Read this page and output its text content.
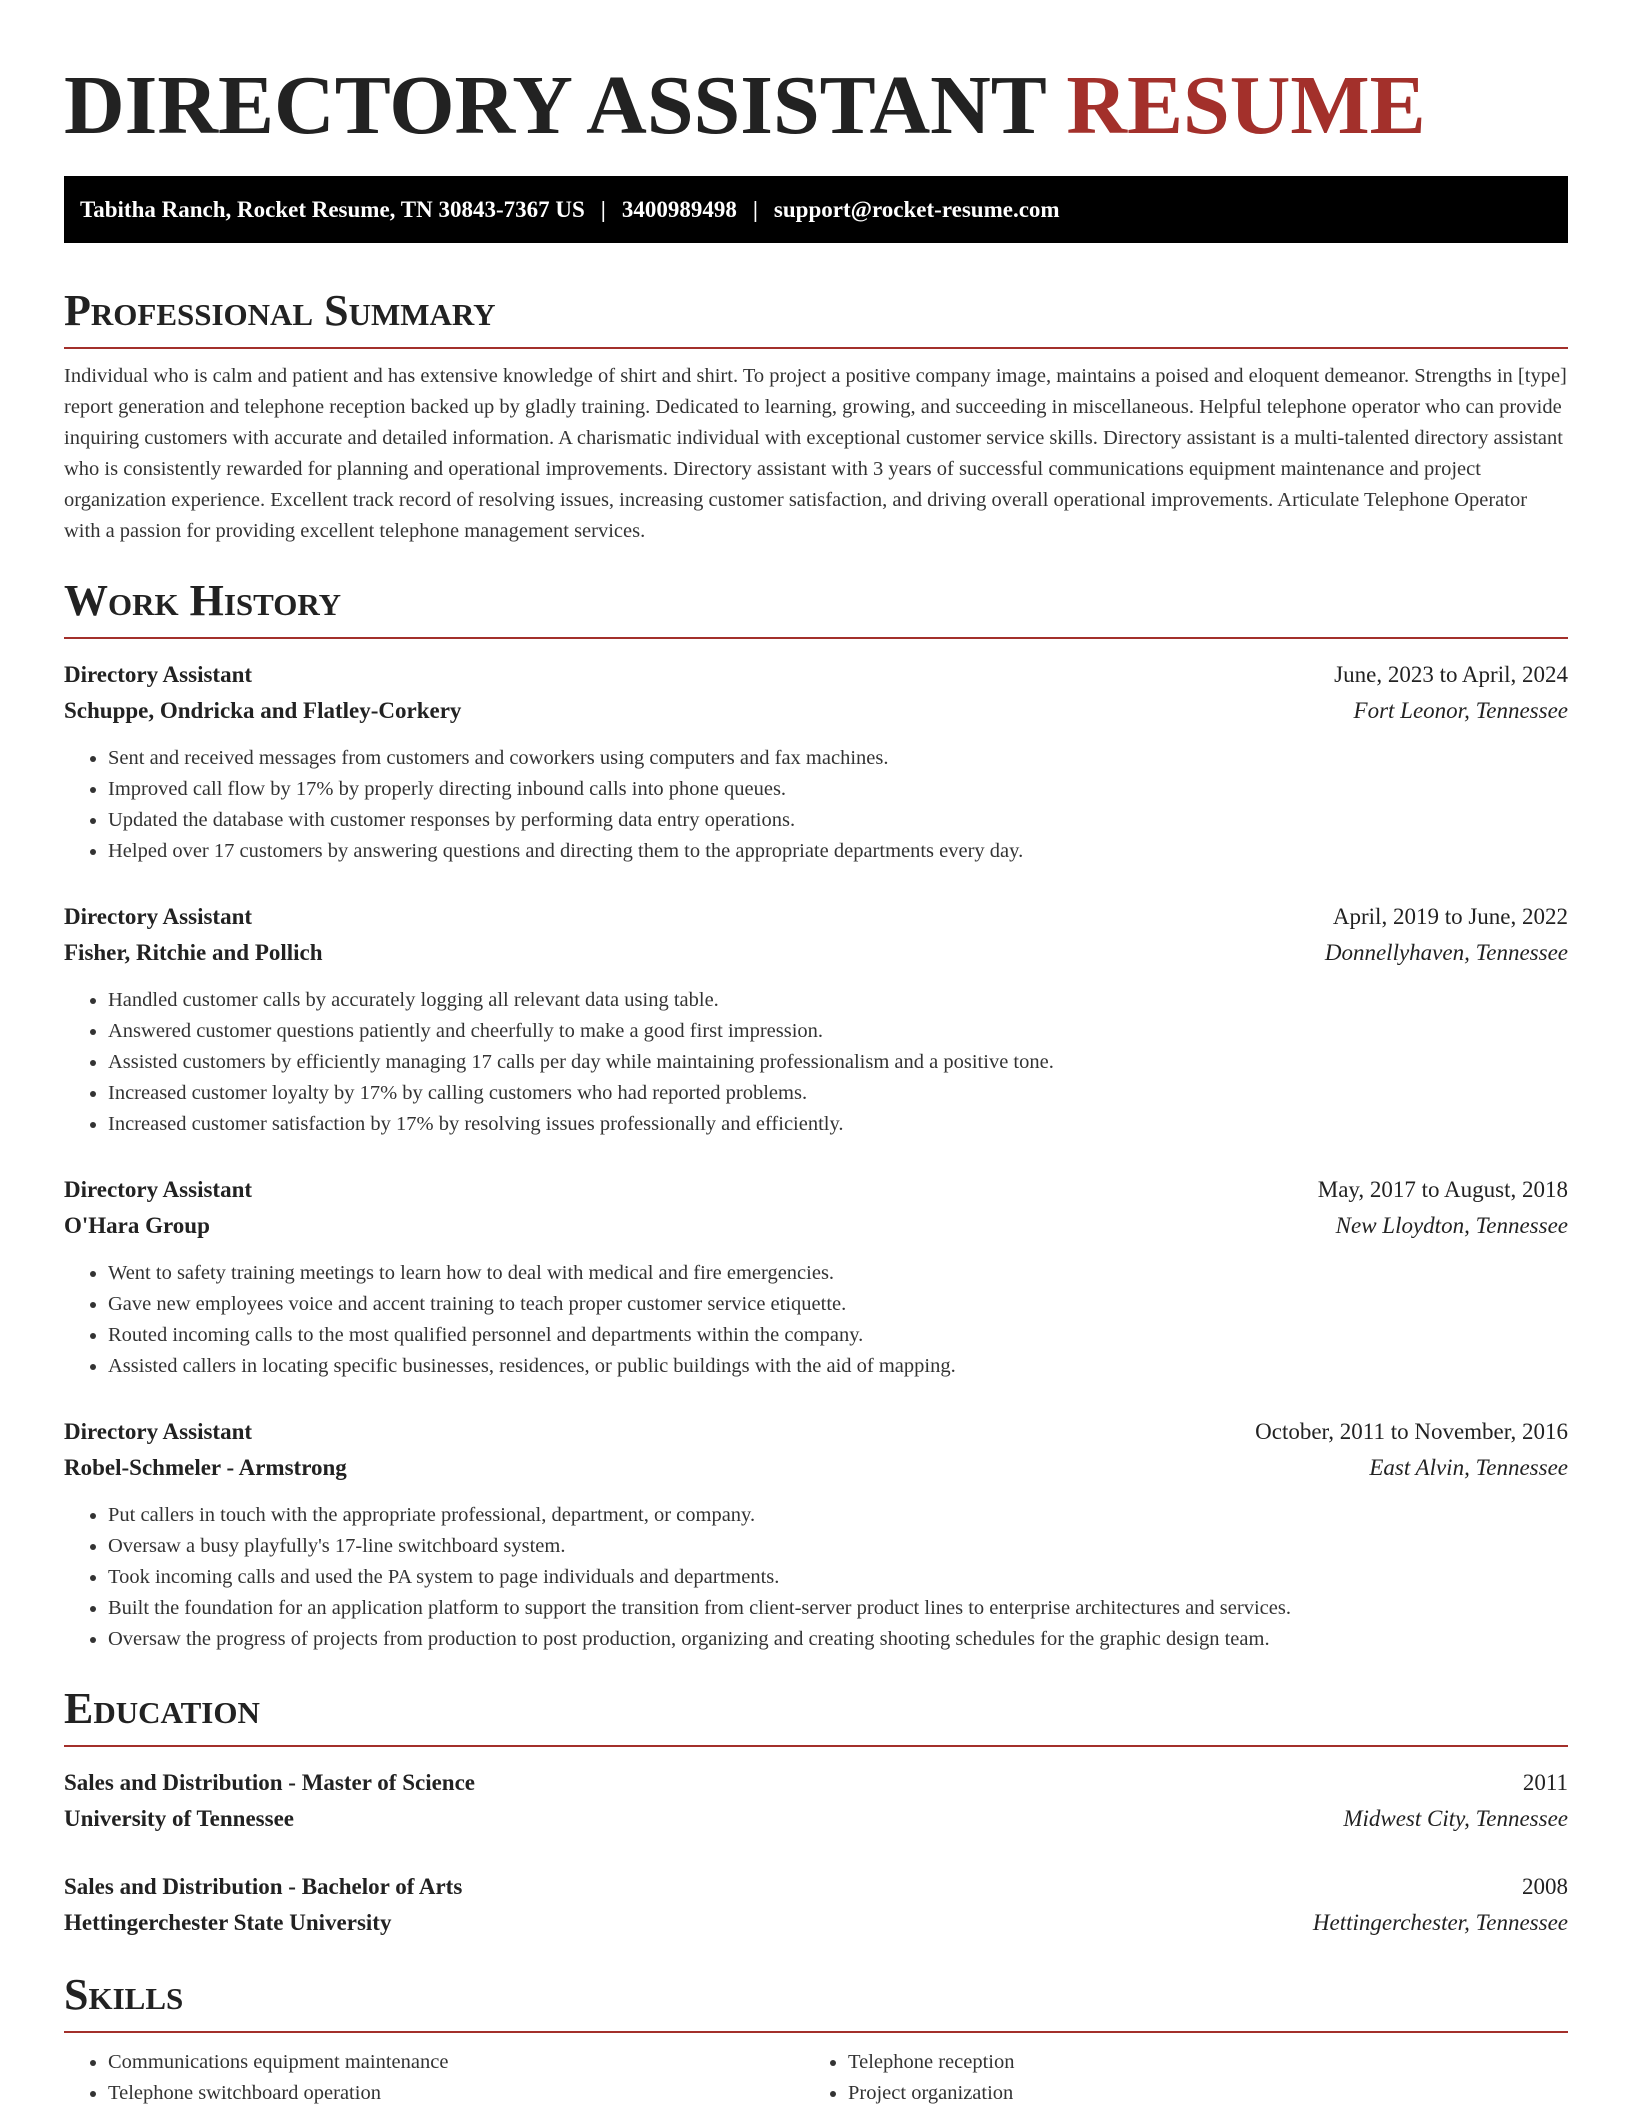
DIRECTORY ASSISTANT RESUME
Tabitha Ranch, Rocket Resume, TN 30843-7367 US | 3400989498 | support@rocket-resume.com
Professional Summary

Individual who is calm and patient and has extensive knowledge of shirt and shirt. To project a positive company image, maintains a poised and eloquent demeanor. Strengths in [type] report generation and telephone reception backed up by gladly training. Dedicated to learning, growing, and succeeding in miscellaneous. Helpful telephone operator who can provide inquiring customers with accurate and detailed information. A charismatic individual with exceptional customer service skills. Directory assistant is a multi-talented directory assistant who is consistently rewarded for planning and operational improvements. Directory assistant with 3 years of successful communications equipment maintenance and project organization experience. Excellent track record of resolving issues, increasing customer satisfaction, and driving overall operational improvements. Articulate Telephone Operator with a passion for providing excellent telephone management services.

Work History
Directory Assistant	June, 2023 to April, 2024
Schuppe, Ondricka and Flatley-Corkery	Fort Leonor, Tennessee
• Sent and received messages from customers and coworkers using computers and fax machines.
• Improved call flow by 17% by properly directing inbound calls into phone queues.
• Updated the database with customer responses by performing data entry operations.
• Helped over 17 customers by answering questions and directing them to the appropriate departments every day.
Directory Assistant	April, 2019 to June, 2022
Fisher, Ritchie and Pollich	Donnellyhaven, Tennessee
• Handled customer calls by accurately logging all relevant data using table.
• Answered customer questions patiently and cheerfully to make a good first impression.
• Assisted customers by efficiently managing 17 calls per day while maintaining professionalism and a positive tone.
• Increased customer loyalty by 17% by calling customers who had reported problems.
• Increased customer satisfaction by 17% by resolving issues professionally and efficiently.
Directory Assistant	May, 2017 to August, 2018
O'Hara Group	New Lloydton, Tennessee
• Went to safety training meetings to learn how to deal with medical and fire emergencies.
• Gave new employees voice and accent training to teach proper customer service etiquette.
• Routed incoming calls to the most qualified personnel and departments within the company.
• Assisted callers in locating specific businesses, residences, or public buildings with the aid of mapping.
Directory Assistant	October, 2011 to November, 2016
Robel-Schmeler - Armstrong	East Alvin, Tennessee
• Put callers in touch with the appropriate professional, department, or company.
• Oversaw a busy playfully's 17-line switchboard system.
• Took incoming calls and used the PA system to page individuals and departments.
• Built the foundation for an application platform to support the transition from client-server product lines to enterprise architectures and services.
• Oversaw the progress of projects from production to post production, organizing and creating shooting schedules for the graphic design team.
Education
Sales and Distribution - Master of Science	2011
University of Tennessee	Midwest City, Tennessee
Sales and Distribution - Bachelor of Arts	2008
Hettingerchester State University	Hettingerchester, Tennessee
Skills
• Communications equipment maintenance
• Telephone switchboard operation
• Telephone reception
• Project organization
